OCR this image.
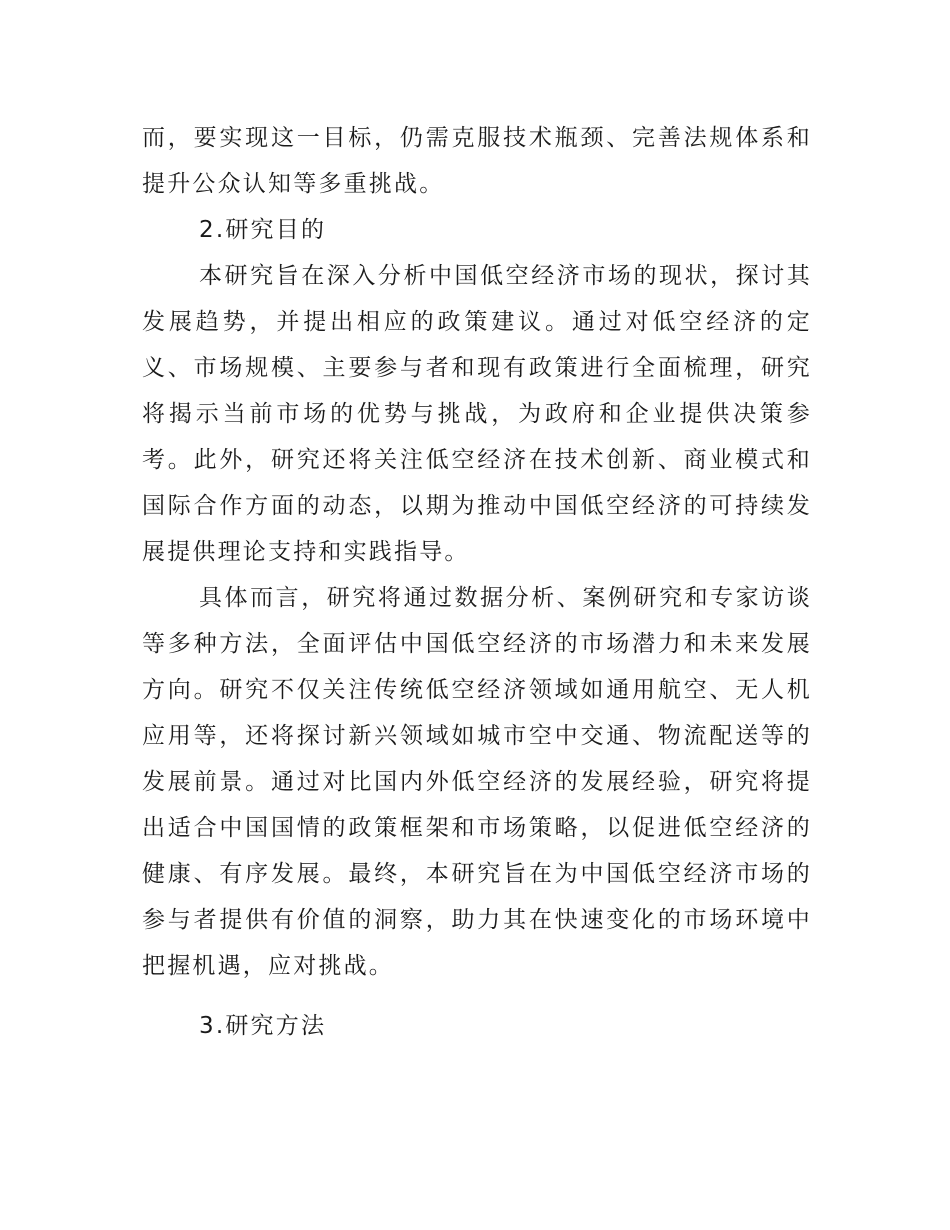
而，要实现这一目标，仍需克服技术瓶颈、完善法规体系和提升公众认知等多重挑战。

2.研究目的

本研究旨在深入分析中国低空经济市场的现状，探讨其发展趋势，并提出相应的政策建议。通过对低空经济的定义、市场规模、主要参与者和现有政策进行全面梳理，研究将揭示当前市场的优势与挑战，为政府和企业提供决策参考。此外，研究还将关注低空经济在技术创新、商业模式和国际合作方面的动态，以期为推动中国低空经济的可持续发展提供理论支持和实践指导。

具体而言，研究将通过数据分析、案例研究和专家访谈等多种方法，全面评估中国低空经济的市场潜力和未来发展方向。研究不仅关注传统低空经济领域如通用航空、无人机应用等，还将探讨新兴领域如城市空中交通、物流配送等的发展前景。通过对比国内外低空经济的发展经验，研究将提出适合中国国情的政策框架和市场策略，以促进低空经济的健康、有序发展。最终，本研究旨在为中国低空经济市场的参与者提供有价值的洞察，助力其在快速变化的市场环境中把握机遇，应对挑战。

3.研究方法
